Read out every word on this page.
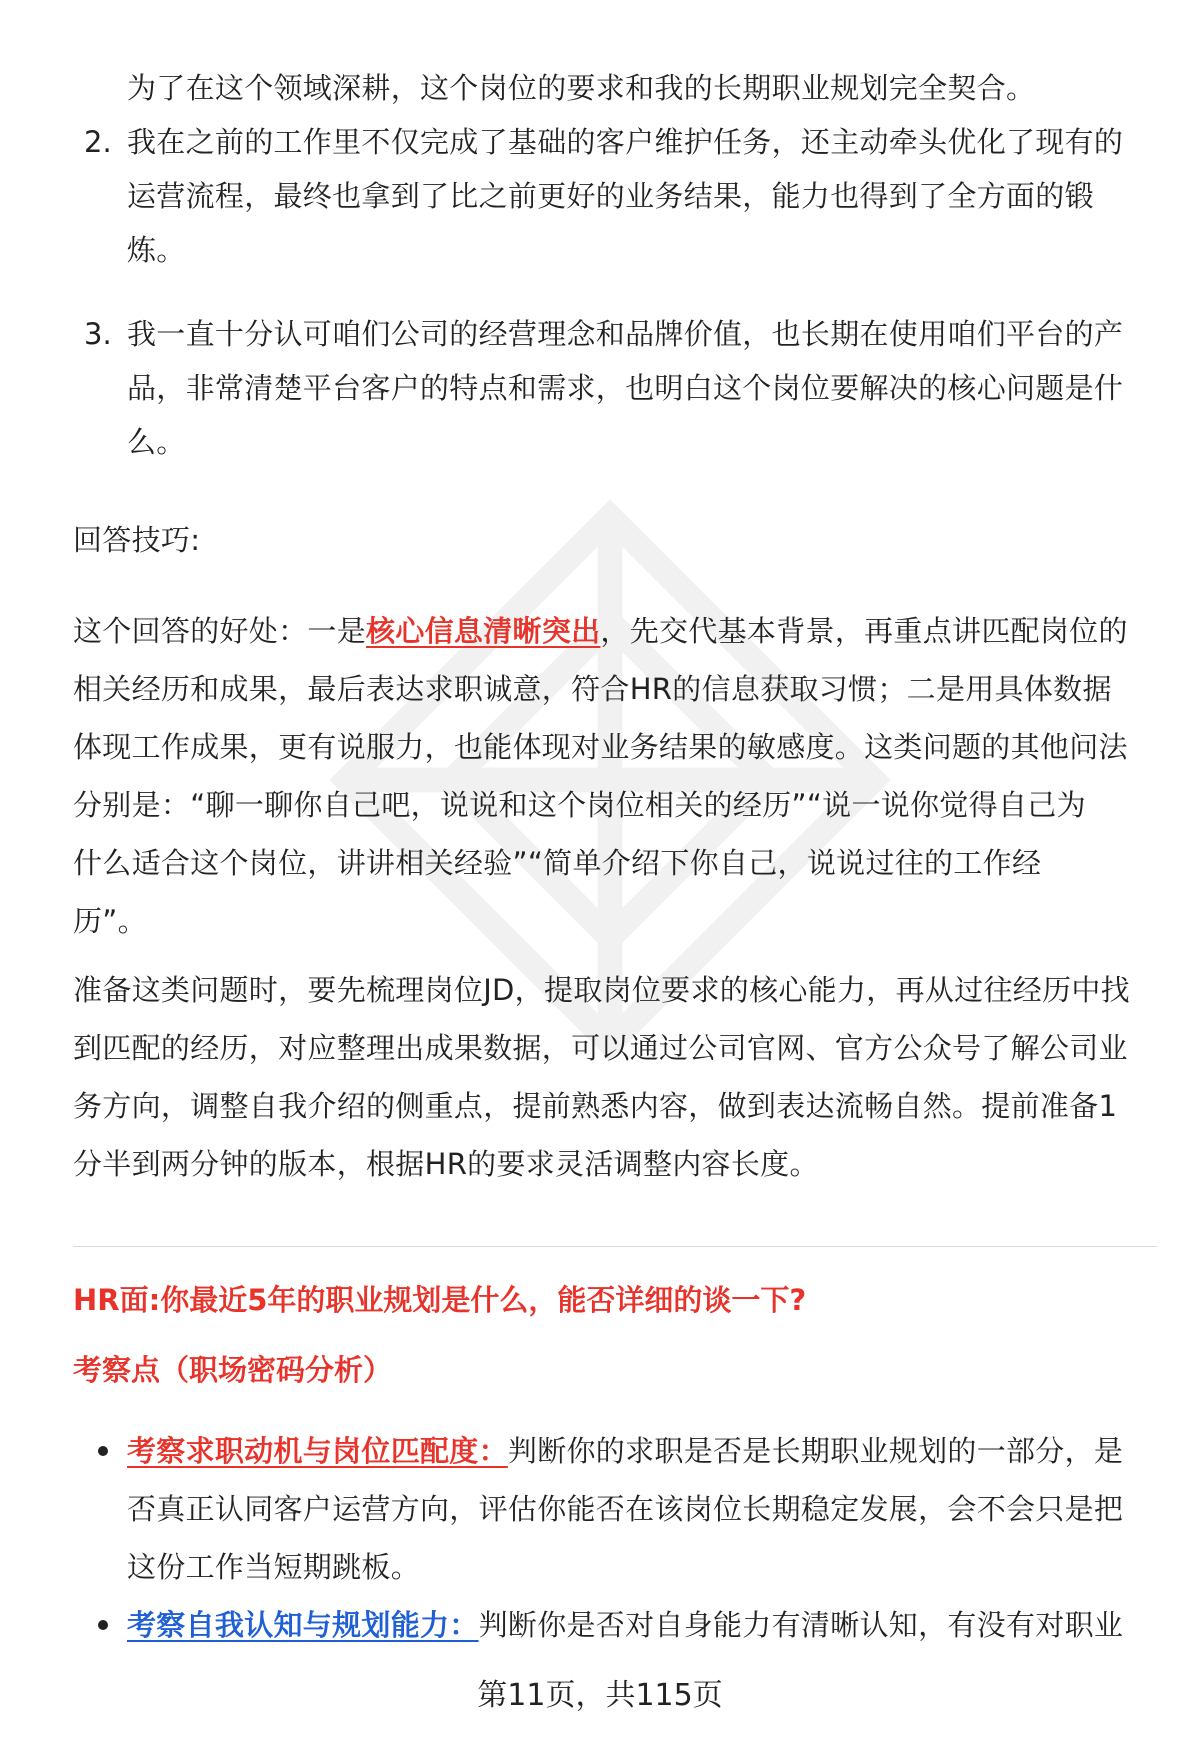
为了在这个领域深耕，这个岗位的要求和我的长期职业规划完全契合。
2. 我在之前的工作里不仅完成了基础的客户维护任务，还主动牵头优化了现有的
运营流程，最终也拿到了比之前更好的业务结果，能力也得到了全方面的锻
炼。
3. 我一直十分认可咱们公司的经营理念和品牌价值，也长期在使用咱们平台的产
品，非常清楚平台客户的特点和需求，也明白这个岗位要解决的核心问题是什
么。
回答技巧:
这个回答的好处：一是核心信息清晰突出，先交代基本背景，再重点讲匹配岗位的
相关经历和成果，最后表达求职诚意，符合HR的信息获取习惯；二是用具体数据
体现工作成果，更有说服力，也能体现对业务结果的敏感度。这类问题的其他问法
分别是：“聊一聊你自己吧，说说和这个岗位相关的经历”“说一说你觉得自己为
什么适合这个岗位，讲讲相关经验”“简单介绍下你自己，说说过往的工作经
历”。
准备这类问题时，要先梳理岗位JD，提取岗位要求的核心能力，再从过往经历中找
到匹配的经历，对应整理出成果数据，可以通过公司官网、官方公众号了解公司业
务方向，调整自我介绍的侧重点，提前熟悉内容，做到表达流畅自然。提前准备1
分半到两分钟的版本，根据HR的要求灵活调整内容长度。
HR面:你最近5年的职业规划是什么，能否详细的谈一下?
考察点（职场密码分析）
考察求职动机与岗位匹配度：判断你的求职是否是长期职业规划的一部分，是
否真正认同客户运营方向，评估你能否在该岗位长期稳定发展，会不会只是把
这份工作当短期跳板。
考察自我认知与规划能力：判断你是否对自身能力有清晰认知，有没有对职业
第11页，共115页
